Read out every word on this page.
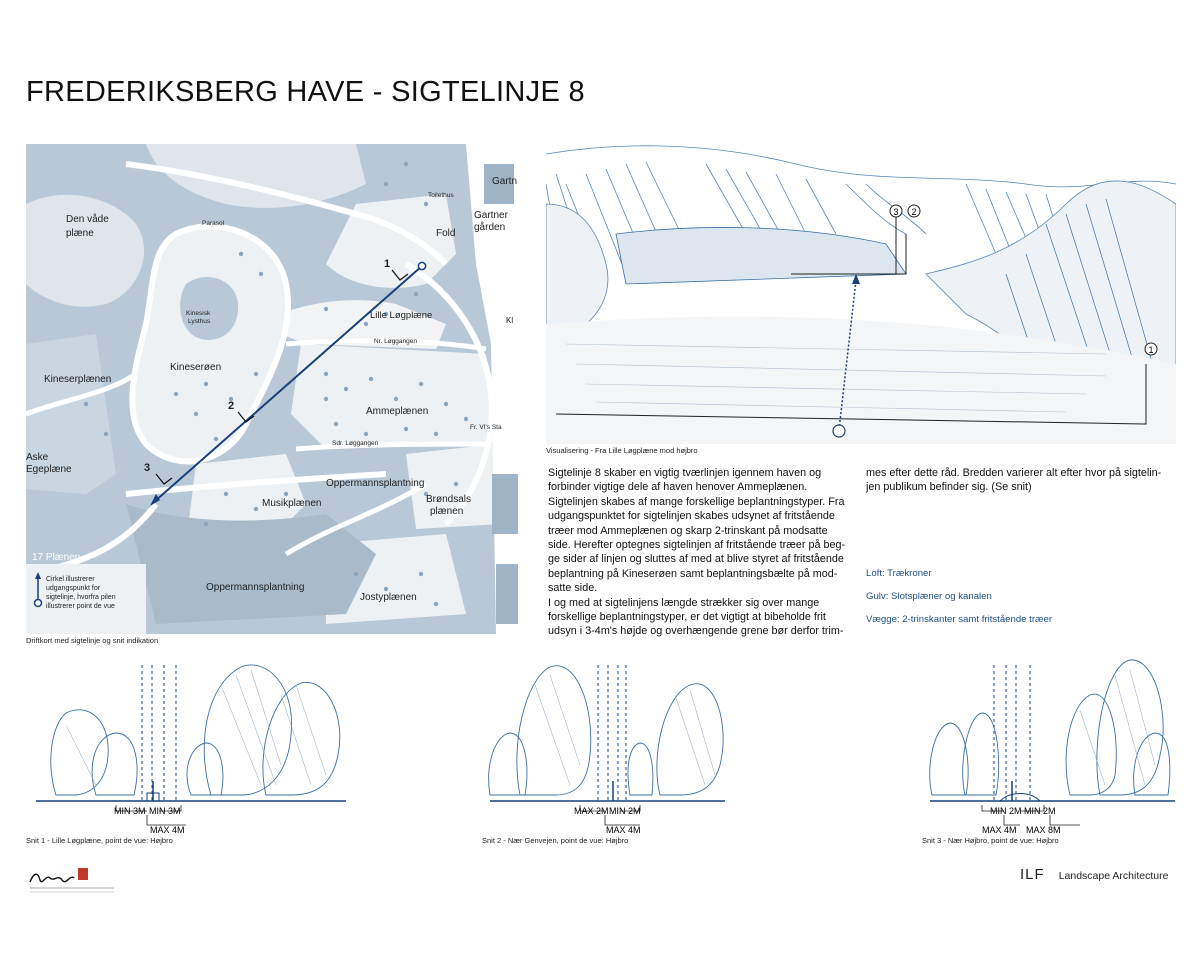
FREDERIKSBERG HAVE - SIGTELINJE 8
Den våde
plæne	Fold
Gartner
gården
Gartn
Lille Løgplæne
Kineserøen
Kineserplænen
Ammeplænen
Aske
Egeplæne
Oppermannsplantning
Oppermannsplantning
Musikplænen	Brøndsals
plænen
Jostyplænen
17 Plænen
Kinesisk
Lysthus
Parasol
Toilethus
Sdr. Løggangen
Nr. Løggangen
Fr. VI's Sta
Kl
1
2
3
Cirkel illustrerer
udgangspunkt for
sigtelinje, hvorfra pilen
illustrerer point de vue
Driftkort med sigtelinje og snit indikation
3 2
1
Visualisering - Fra Lille Løgplæne mod højbro
Sigtelinje 8 skaber en vigtig tværlinjen igennem haven og
forbinder vigtige dele af haven henover Ammeplænen.
Sigtelinjen skabes af mange forskellige beplantningstyper. Fra
udgangspunktet for sigtelinjen skabes udsynet af fritstående
træer mod Ammeplænen og skarp 2-trinskant på modsatte
side. Herefter optegnes sigtelinjen af fritstående træer på beg-
ge sider af linjen og sluttes af med at blive styret af fritstående
beplantning på Kineserøen samt beplantningsbælte på mod-
satte side.
I og med at sigtelinjens længde strækker sig over mange
forskellige beplantningstyper, er det vigtigt at bibeholde frit
udsyn i 3-4m's højde og overhængende grene bør derfor trim-
mes efter dette råd. Bredden varierer alt efter hvor på sigtelin-
jen publikum befinder sig. (Se snit)
Loft: Trækroner
Gulv: Slotsplæner og kanalen
Vægge: 2-trinskanter samt fritstående træer
MIN 3M MIN 3M
MAX 4M
Snit 1 - Lille Løgplæne, point de vue: Højbro
MAX 2M MIN 2M
MAX 4M
Snit 2 - Nær Genvejen, point de vue: Højbro
MIN 2M MIN 2M
MAX 4M MAX 8M
Snit 3 - Nær Højbro, point de vue: Højbro
ILF Landscape Architecture
